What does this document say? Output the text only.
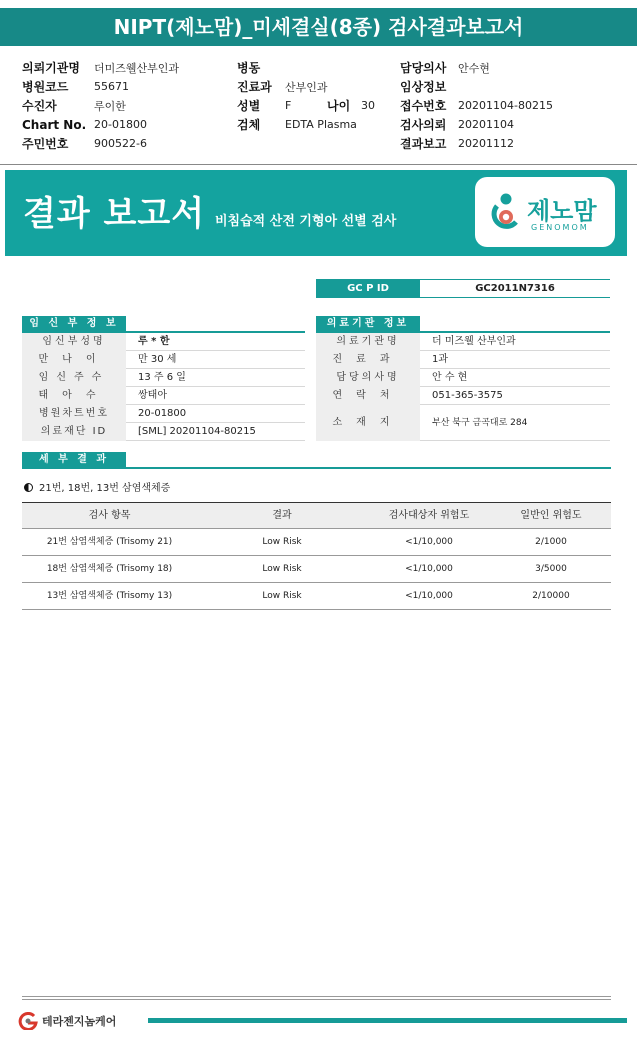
NIPT(제노맘)_미세결실(8종) 검사결과보고서
의뢰기관명	더미즈웰산부인과
병원코드	55671
수진자	루이한
Chart No. 20-01800
주민번호	900522-6
병동
진료과	산부인과
성별	F	나이 30
검체	EDTA Plasma
담당의사	안수현
임상정보
접수번호	20201104-80215
검사의뢰	20201104
결과보고	20201112
결과 보고서 비침습적 산전 기형아 선별 검사	제노맘
GENOMOM
GC P ID	GC2011N7316
임 신 부 정 보
임신부성명	루 * 한
만나이	만 30 세
임신주수	13 주 6 일
태아수	쌍태아
병원차트번호	20-01800
의료재단 ID	[SML] 20201104-80215
의료기관 정보
의료기관명	더 미즈웰 산부인과
진료과	1과
담당의사명	안 수 현
연락처	051-365-3575
소재지	부산 북구 금곡대로 284
세 부 결 과
21번, 18번, 13번 삼염색체증
검사 항목	결과	검사대상자 위험도	일반인 위험도
21번 삼염색체증 (Trisomy 21)	Low Risk	<1/10,000	2/1000
18번 삼염색체증 (Trisomy 18)	Low Risk	<1/10,000	3/5000
13번 삼염색체증 (Trisomy 13)	Low Risk	<1/10,000	2/10000
테라젠지놈케어
